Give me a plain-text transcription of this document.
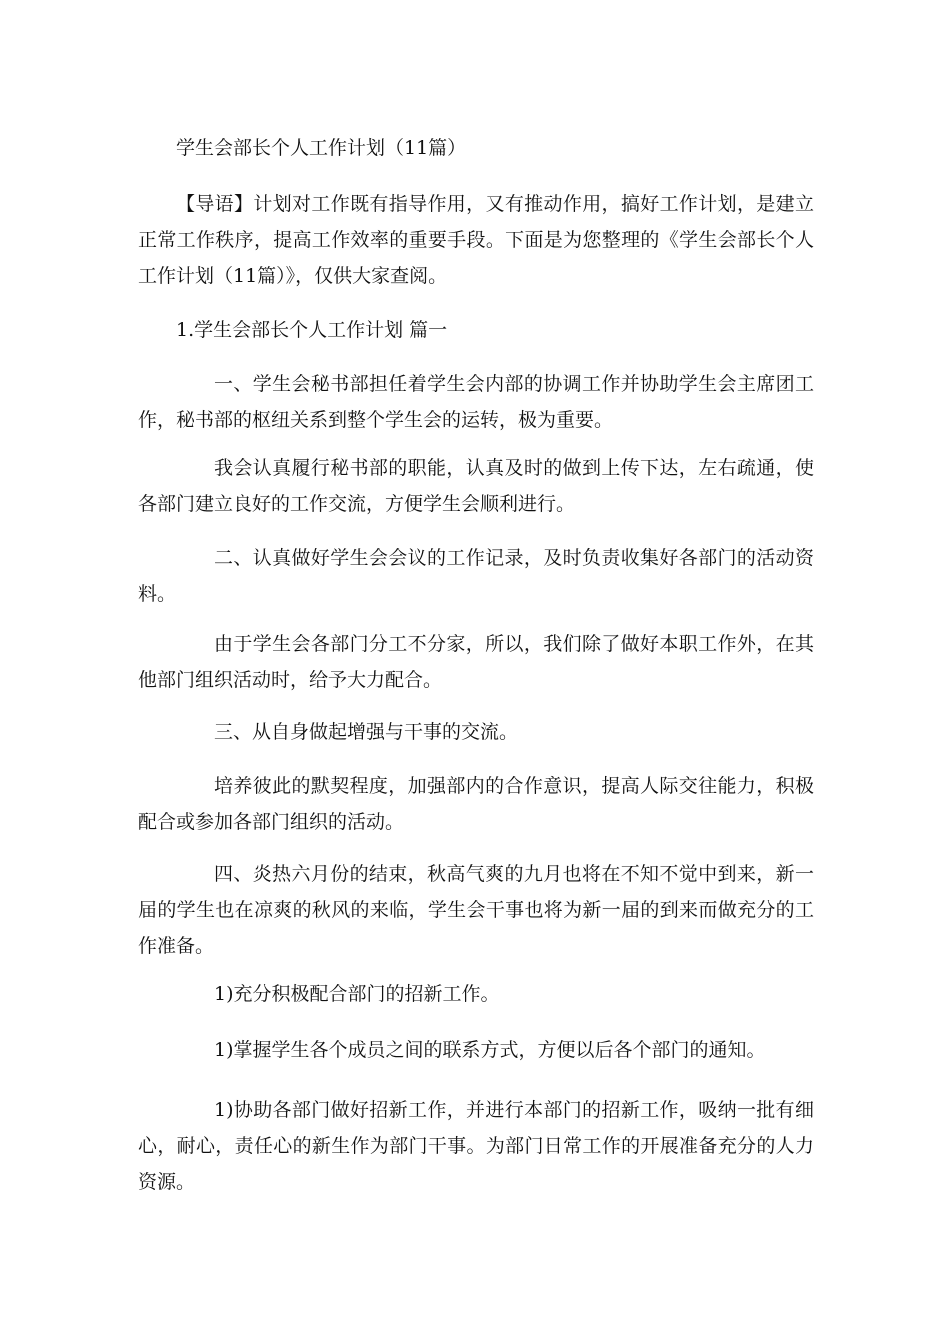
学生会部长个人工作计划（11篇）

【导语】计划对工作既有指导作用，又有推动作用，搞好工作计划，是建立正常工作秩序，提高工作效率的重要手段。下面是为您整理的《学生会部长个人工作计划（11篇）》，仅供大家查阅。

1.学生会部长个人工作计划 篇一

一、学生会秘书部担任着学生会内部的协调工作并协助学生会主席团工作，秘书部的枢纽关系到整个学生会的运转，极为重要。

我会认真履行秘书部的职能，认真及时的做到上传下达，左右疏通，使各部门建立良好的工作交流，方便学生会顺利进行。

二、认真做好学生会会议的工作记录，及时负责收集好各部门的活动资料。

由于学生会各部门分工不分家，所以，我们除了做好本职工作外，在其他部门组织活动时，给予大力配合。

三、从自身做起增强与干事的交流。

培养彼此的默契程度，加强部内的合作意识，提高人际交往能力，积极配合或参加各部门组织的活动。

四、炎热六月份的结束，秋高气爽的九月也将在不知不觉中到来，新一届的学生也在凉爽的秋风的来临，学生会干事也将为新一届的到来而做充分的工作准备。

1)充分积极配合部门的招新工作。

1)掌握学生各个成员之间的联系方式，方便以后各个部门的通知。

1)协助各部门做好招新工作，并进行本部门的招新工作，吸纳一批有细心，耐心，责任心的新生作为部门干事。为部门日常工作的开展准备充分的人力资源。
